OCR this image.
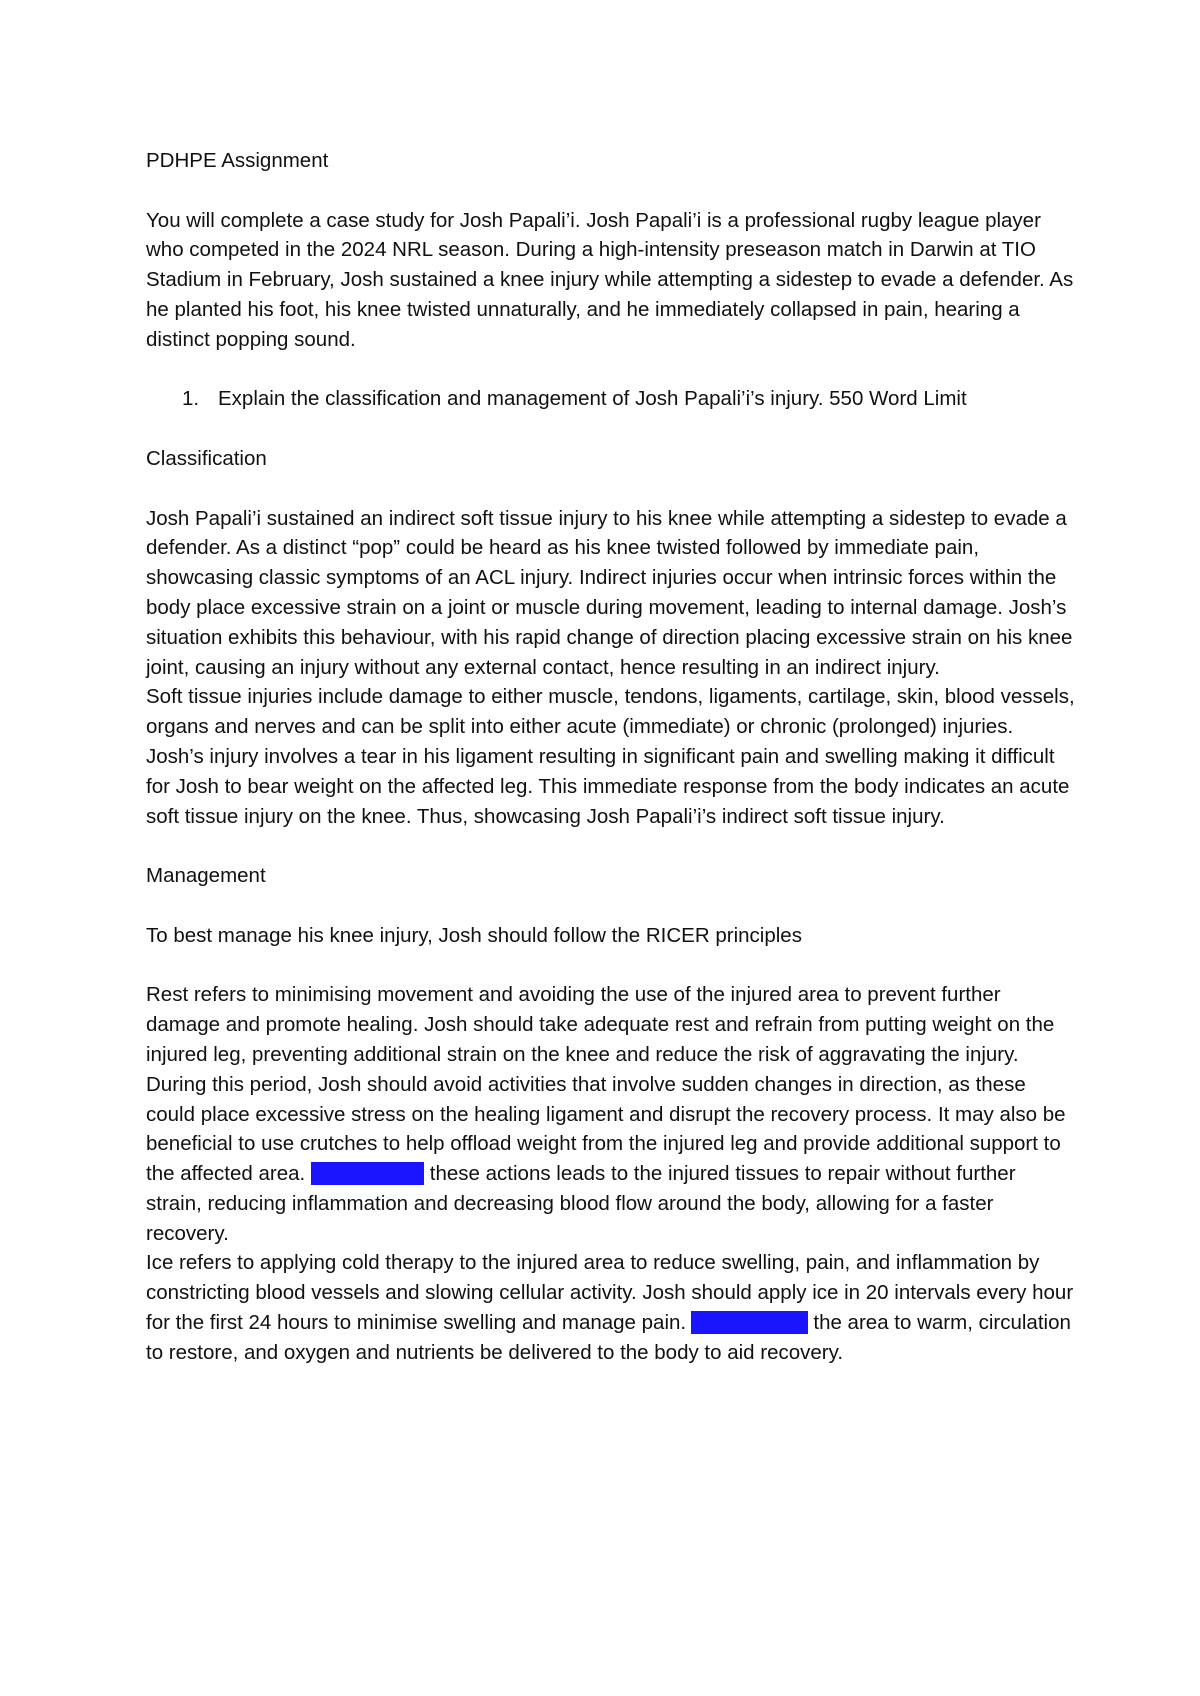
PDHPE Assignment

You will complete a case study for Josh Papali’i. Josh Papali’i is a professional rugby league player who competed in the 2024 NRL season. During a high-intensity preseason match in Darwin at TIO Stadium in February, Josh sustained a knee injury while attempting a sidestep to evade a defender. As he planted his foot, his knee twisted unnaturally, and he immediately collapsed in pain, hearing a distinct popping sound.

1. Explain the classification and management of Josh Papali’i’s injury. 550 Word Limit

Classification

Josh Papali’i sustained an indirect soft tissue injury to his knee while attempting a sidestep to evade a defender. As a distinct “pop” could be heard as his knee twisted followed by immediate pain, showcasing classic symptoms of an ACL injury. Indirect injuries occur when intrinsic forces within the body place excessive strain on a joint or muscle during movement, leading to internal damage. Josh’s situation exhibits this behaviour, with his rapid change of direction placing excessive strain on his knee joint, causing an injury without any external contact, hence resulting in an indirect injury.

Soft tissue injuries include damage to either muscle, tendons, ligaments, cartilage, skin, blood vessels, organs and nerves and can be split into either acute (immediate) or chronic (prolonged) injuries. Josh’s injury involves a tear in his ligament resulting in significant pain and swelling making it difficult for Josh to bear weight on the affected leg. This immediate response from the body indicates an acute soft tissue injury on the knee. Thus, showcasing Josh Papali’i’s indirect soft tissue injury.

Management

To best manage his knee injury, Josh should follow the RICER principles

Rest refers to minimising movement and avoiding the use of the injured area to prevent further damage and promote healing. Josh should take adequate rest and refrain from putting weight on the injured leg, preventing additional strain on the knee and reduce the risk of aggravating the injury. During this period, Josh should avoid activities that involve sudden changes in direction, as these could place excessive stress on the healing ligament and disrupt the recovery process. It may also be beneficial to use crutches to help offload weight from the injured leg and provide additional support to the affected area. The effect of these actions leads to the injured tissues to repair without further strain, reducing inflammation and decreasing blood flow around the body, allowing for a faster
recovery.

Ice refers to applying cold therapy to the injured area to reduce swelling, pain, and inflammation by constricting blood vessels and slowing cellular activity. Josh should apply ice in 20 intervals every hour for the first 24 hours to minimise swelling and manage pain. This leads to the area to warm, circulation to restore, and oxygen and nutrients be delivered to the body to aid recovery.
